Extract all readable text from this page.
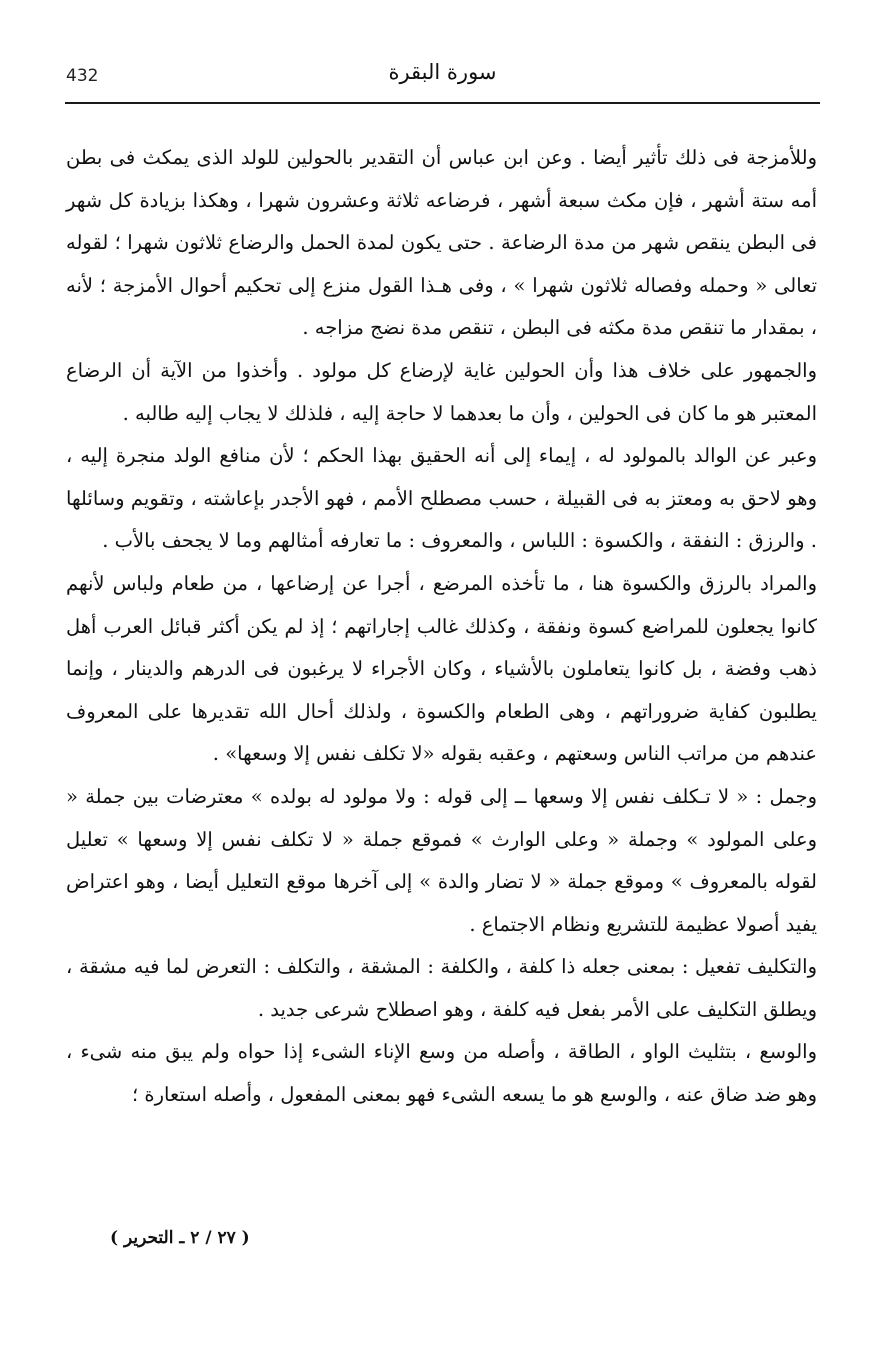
432	سورة البقرة

وللأمزجة فى ذلك تأثير أيضا . وعن ابن عباس أن التقدير بالحولين للولد الذى يمكث فى بطن أمه ستة أشهر ، فإن مكث سبعة أشهر ، فرضاعه ثلاثة وعشرون شهرا ، وهكذا بزيادة كل شهر فى البطن ينقص شهر من مدة الرضاعة . حتى يكون لمدة الحمل والرضاع ثلاثون شهرا ؛ لقوله تعالى « وحمله وفصاله ثلاثون شهرا » ، وفى هـذا القول منزع إلى تحكيم أحوال الأمزجة ؛ لأنه ، بمقدار ما تنقص مدة مكثه فى البطن ، تنقص مدة نضج مزاجه .

والجمهور على خلاف هذا وأن الحولين غاية لإرضاع كل مولود . وأخذوا من الآية أن الرضاع المعتبر هو ما كان فى الحولين ، وأن ما بعدهما لا حاجة إليه ، فلذلك لا يجاب إليه طالبه .

وعبر عن الوالد بالمولود له ، إيماء إلى أنه الحقيق بهذا الحكم ؛ لأن منافع الولد منجرة إليه ، وهو لاحق به ومعتز به فى القبيلة ، حسب مصطلح الأمم ، فهو الأجدر بإعاشته ، وتقويم وسائلها . والرزق : النفقة ، والكسوة : اللباس ، والمعروف : ما تعارفه أمثالهم وما لا يجحف بالأب .

والمراد بالرزق والكسوة هنا ، ما تأخذه المرضع ، أجرا عن إرضاعها ، من طعام ولباس لأنهم كانوا يجعلون للمراضع كسوة ونفقة ، وكذلك غالب إجاراتهم ؛ إذ لم يكن أكثر قبائل العرب أهل ذهب وفضة ، بل كانوا يتعاملون بالأشياء ، وكان الأجراء لا يرغبون فى الدرهم والدينار ، وإنما يطلبون كفاية ضروراتهم ، وهى الطعام والكسوة ، ولذلك أحال الله تقديرها على المعروف عندهم من مراتب الناس وسعتهم ، وعقبه بقوله «لا تكلف نفس إلا وسعها» .

وجمل : « لا تـكلف نفس إلا وسعها ــ إلى قوله : ولا مولود له بولده » معترضات بين جملة « وعلى المولود » وجملة « وعلى الوارث » فموقع جملة « لا تكلف نفس إلا وسعها » تعليل لقوله بالمعروف » وموقع جملة « لا تضار والدة » إلى آخرها موقع التعليل أيضا ، وهو اعتراض يفيد أصولا عظيمة للتشريع ونظام الاجتماع .

والتكليف تفعيل : بمعنى جعله ذا كلفة ، والكلفة : المشقة ، والتكلف : التعرض لما فيه مشقة ، ويطلق التكليف على الأمر بفعل فيه كلفة ، وهو اصطلاح شرعى جديد .

والوسع ، بتثليث الواو ، الطاقة ، وأصله من وسع الإناء الشىء إذا حواه ولم يبق منه شىء ، وهو ضد ضاق عنه ، والوسع هو ما يسعه الشىء فهو بمعنى المفعول ، وأصله استعارة ؛

( ٢٧ / ٢ ـ التحرير )
